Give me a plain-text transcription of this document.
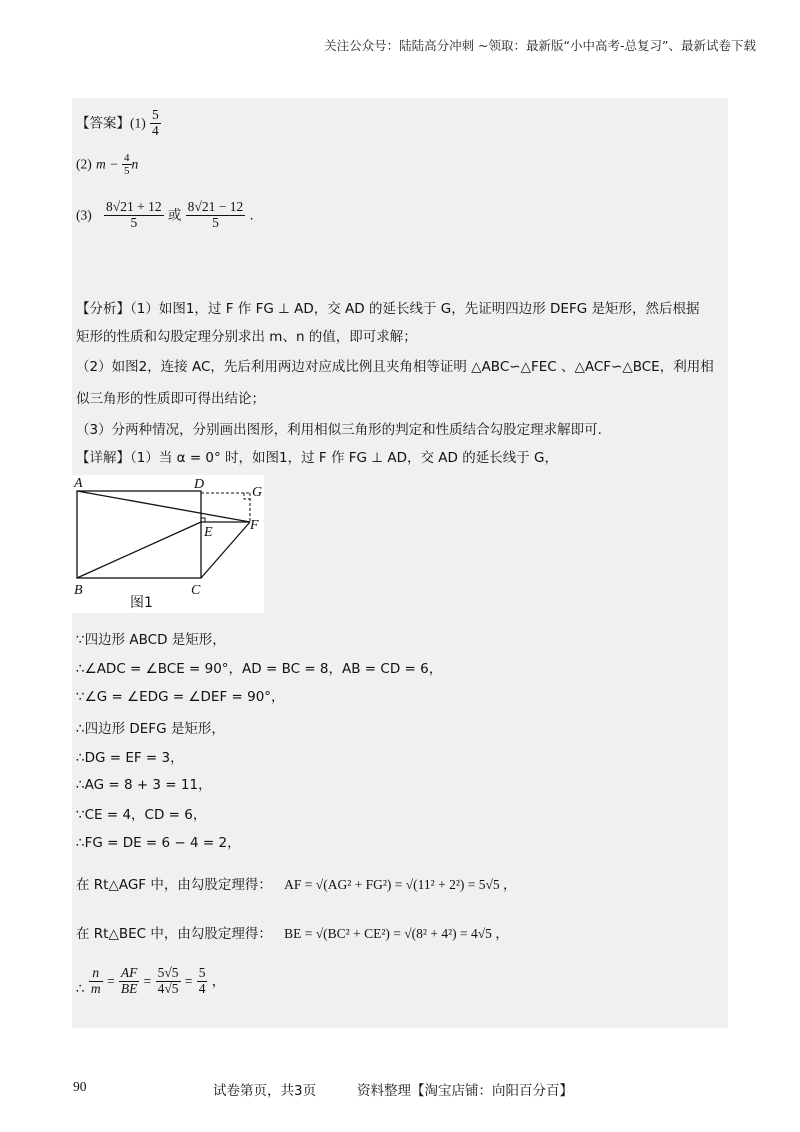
关注公众号：陆陆高分冲刺 ~领取：最新版“小中高考-总复习”、最新试卷下载
【答案】$(1) \frac{5}{4}$
(2) $m - \frac{4}{5}$ n
$(3) \frac{8√21 + 12}{5}$ 或 $\frac{8√21 - 12}{5}$ .
【分析】（1）如图1，过 F 作 FG ⊥ AD，交 AD 的延长线于 G，先证明四边形 DEFG 是矩形，然后根据
矩形的性质和勾股定理分别求出 m、n 的值，即可求解；
（2）如图2，连接 AC，先后利用两边对应成比例且夹角相等证明 △ABC∽△FEC 、△ACF∽△BCE，利用相
似三角形的性质即可得出结论；
（3）分两种情况，分别画出图形，利用相似三角形的判定和性质结合勾股定理求解即可.
【详解】（1）当 α = 0° 时，如图1，过 F 作 FG ⊥ AD，交 AD 的延长线于 G，
A	D
G
E	F
B	C
图1
∵四边形 ABCD 是矩形，
∴∠ADC = ∠BCE = 90°，AD = BC = 8，AB = CD = 6，
∵∠G = ∠EDG = ∠DEF = 90°，
∴四边形 DEFG 是矩形，
∴DG = EF = 3，
∴AG = 8 + 3 = 11，
∵CE = 4，CD = 6，
∴FG = DE = 6 − 4 = 2，
在 Rt△AGF 中，由勾股定理得： AF = √(AG² + FG²) = √(11² + 2²) = 5√5 ，
在 Rt△BEC 中，由勾股定理得： BE = √(BC² + CE²) = √(8² + 4²) = 4√5 ，
∴ $\frac{n}{m} = \frac{AF}{BE} = \frac{5√5}{4√5} = \frac{5}{4}$ ，
90	试卷第页，共3页	资料整理【淘宝店铺：向阳百分百】
